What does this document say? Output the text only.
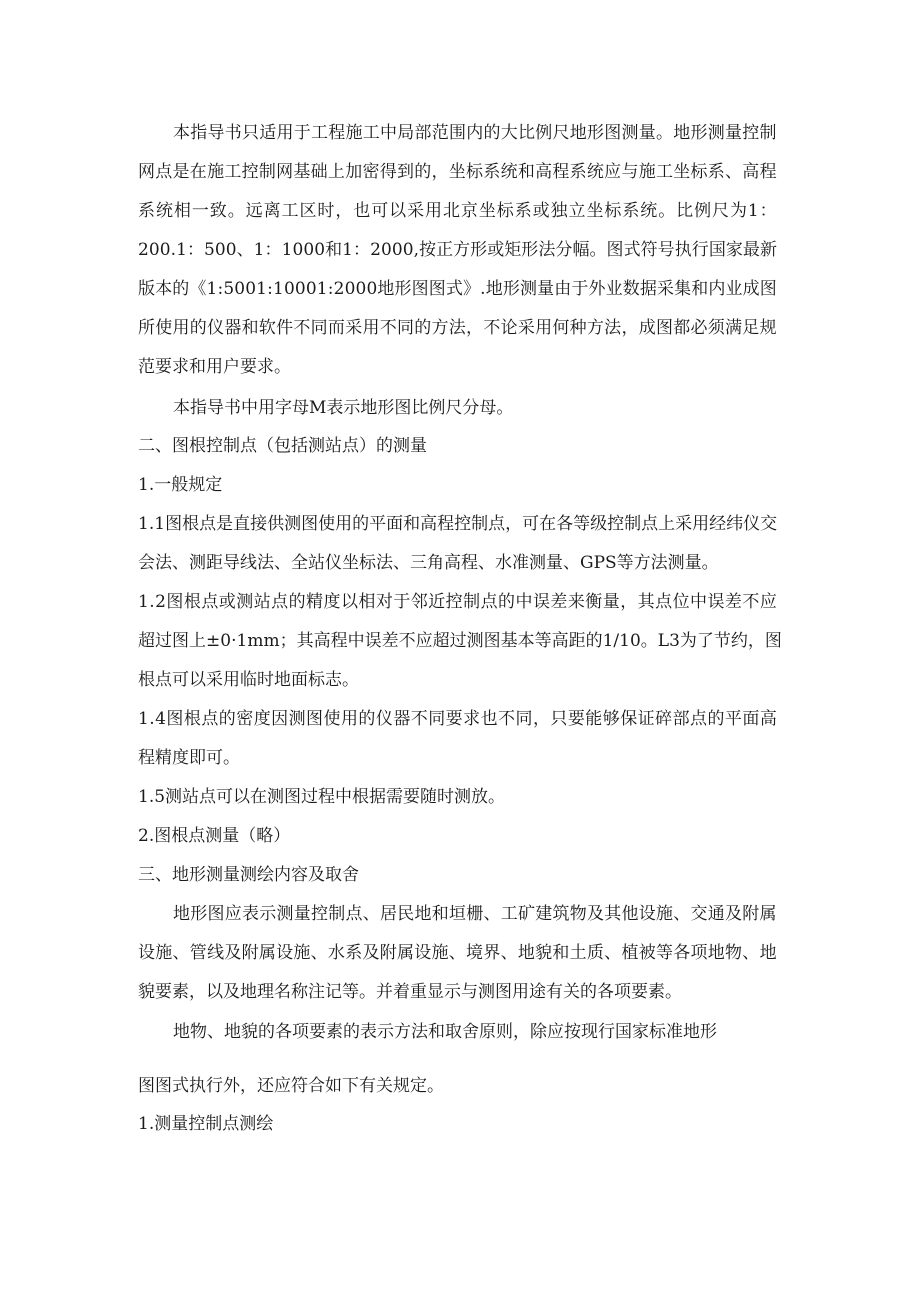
本 指 导 书 只 适 用 于 工 程 施 工 中 局 部 范 围 内 的 大 比 例 尺 地 形 图 测 量 。 地 形 测 量 控 制
网 点 是 在 施 工 控 制 网 基 础 上 加 密 得 到 的 ， 坐 标 系 统 和 高 程 系 统 应 与 施 工 坐 标 系 、 高 程
系 统 相 一 致 。 远 离 工 区 时 ， 也 可 以 采 用 北 京 坐 标 系 或 独 立 坐 标 系 统 。 比 例 尺 为 1 ：
2 0 0 . 1 ： 5 0 0 、 1 ： 1 0 0 0 和 1 ： 2 0 0 0 , 按 正 方 形 或 矩 形 法 分 幅 。 图 式 符 号 执 行 国 家 最 新
版 本 的 《 1 : 5 0 0 1 : 1 0 0 0 1 : 2 0 0 0 地 形 图 图 式 》 . 地 形 测 量 由 于 外 业 数 据 采 集 和 内 业 成 图
所 使 用 的 仪 器 和 软 件 不 同 而 采 用 不 同 的 方 法 ， 不 论 采 用 何 种 方 法 ， 成 图 都 必 须 满 足 规
范要求和用户要求。
本指导书中用字母M表示地形图比例尺分母。
二、图根控制点（包括测站点）的测量
1.一般规定
1 . 1 图 根 点 是 直 接 供 测 图 使 用 的 平 面 和 高 程 控 制 点 ， 可 在 各 等 级 控 制 点 上 采 用 经 纬 仪 交
会法、测距导线法、全站仪坐标法、三角高程、水准测量、GPS等方法测量。
1 . 2 图 根 点 或 测 站 点 的 精 度 以 相 对 于 邻 近 控 制 点 的 中 误 差 来 衡 量 ， 其 点 位 中 误 差 不 应
超 过 图 上 ± 0 · 1 m m ； 其 高 程 中 误 差 不 应 超 过 测 图 基 本 等 高 距 的 1 / 1 0 。 L 3 为 了 节 约 ， 图
根点可以采用临时地面标志。
1 . 4 图 根 点 的 密 度 因 测 图 使 用 的 仪 器 不 同 要 求 也 不 同 ， 只 要 能 够 保 证 碎 部 点 的 平 面 高
程精度即可。
1.5测站点可以在测图过程中根据需要随时测放。
2.图根点测量（略）
三、地形测量测绘内容及取舍
地 形 图 应 表 示 测 量 控 制 点 、 居 民 地 和 垣 栅 、 工 矿 建 筑 物 及 其 他 设 施 、 交 通 及 附 属
设 施 、 管 线 及 附 属 设 施 、 水 系 及 附 属 设 施 、 境 界 、 地 貌 和 土 质 、 植 被 等 各 项 地 物 、 地
貌要素，以及地理名称注记等。并着重显示与测图用途有关的各项要素。
地物、地貌的各项要素的表示方法和取舍原则，除应按现行国家标准地形
图图式执行外，还应符合如下有关规定。
1.测量控制点测绘
